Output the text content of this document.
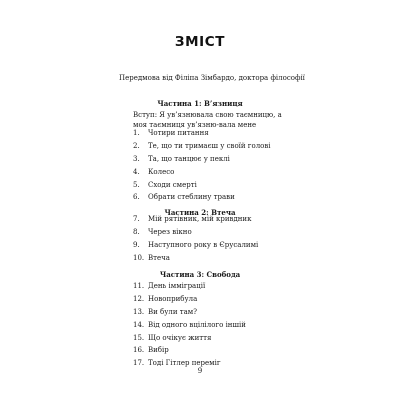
ЗМІСТ
Передмова від Філіпа Зімбардо, доктора філософії
Частина 1: В’язниця
Вступ: Я ув’язнювала свою таємницю, а моя таємниця ув’язню-вала мене
1. Чотири питання
2. Те, що ти тримаєш у своїй голові
3. Та, що танцює у пеклі
4. Колесо
5. Сходи смерті
6. Обрати стеблину трави
Частина 2: Втеча
7. Мій рятівник, мій кривдник
8. Через вікно
9. Наступного року в Єрусалимі
10. Втеча
Частина 3: Свобода
11. День імміграції
12. Новоприбула
13. Ви були там?
14. Від одного вцілілого іншій
15. Що очікує життя
16. Вибір
17. Тоді Гітлер переміг
9
